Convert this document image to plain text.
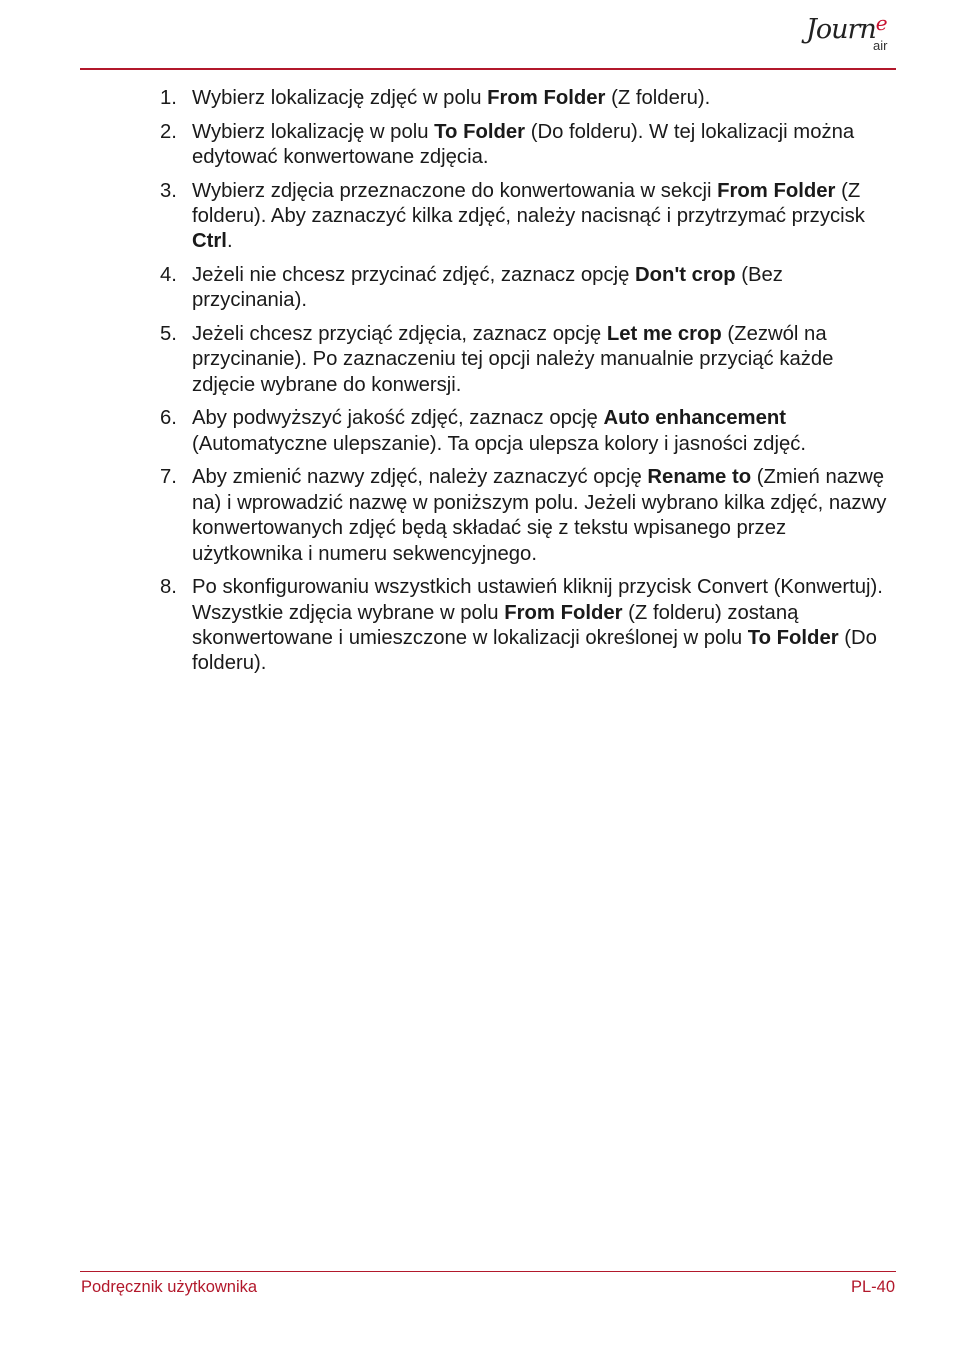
Journ$^e$
air
1. Wybierz lokalizację zdjęć w polu From Folder (Z folderu).
2. Wybierz lokalizację w polu To Folder (Do folderu). W tej lokalizacji można edytować konwertowane zdjęcia.
3. Wybierz zdjęcia przeznaczone do konwertowania w sekcji From Folder (Z folderu). Aby zaznaczyć kilka zdjęć, należy nacisnąć i przytrzymać przycisk Ctrl.
4. Jeżeli nie chcesz przycinać zdjęć, zaznacz opcję Don't crop (Bez przycinania).
5. Jeżeli chcesz przyciąć zdjęcia, zaznacz opcję Let me crop (Zezwól na przycinanie). Po zaznaczeniu tej opcji należy manualnie przyciąć każde zdjęcie wybrane do konwersji.
6. Aby podwyższyć jakość zdjęć, zaznacz opcję Auto enhancement (Automatyczne ulepszanie). Ta opcja ulepsza kolory i jasności zdjęć.
7. Aby zmienić nazwy zdjęć, należy zaznaczyć opcję Rename to (Zmień nazwę na) i wprowadzić nazwę w poniższym polu. Jeżeli wybrano kilka zdjęć, nazwy konwertowanych zdjęć będą składać się z tekstu wpisanego przez użytkownika i numeru sekwencyjnego.
8. Po skonfigurowaniu wszystkich ustawień kliknij przycisk Convert (Konwertuj). Wszystkie zdjęcia wybrane w polu From Folder (Z folderu) zostaną skonwertowane i umieszczone w lokalizacji określonej w polu To Folder (Do folderu).
Podręcznik użytkownika	PL-40
